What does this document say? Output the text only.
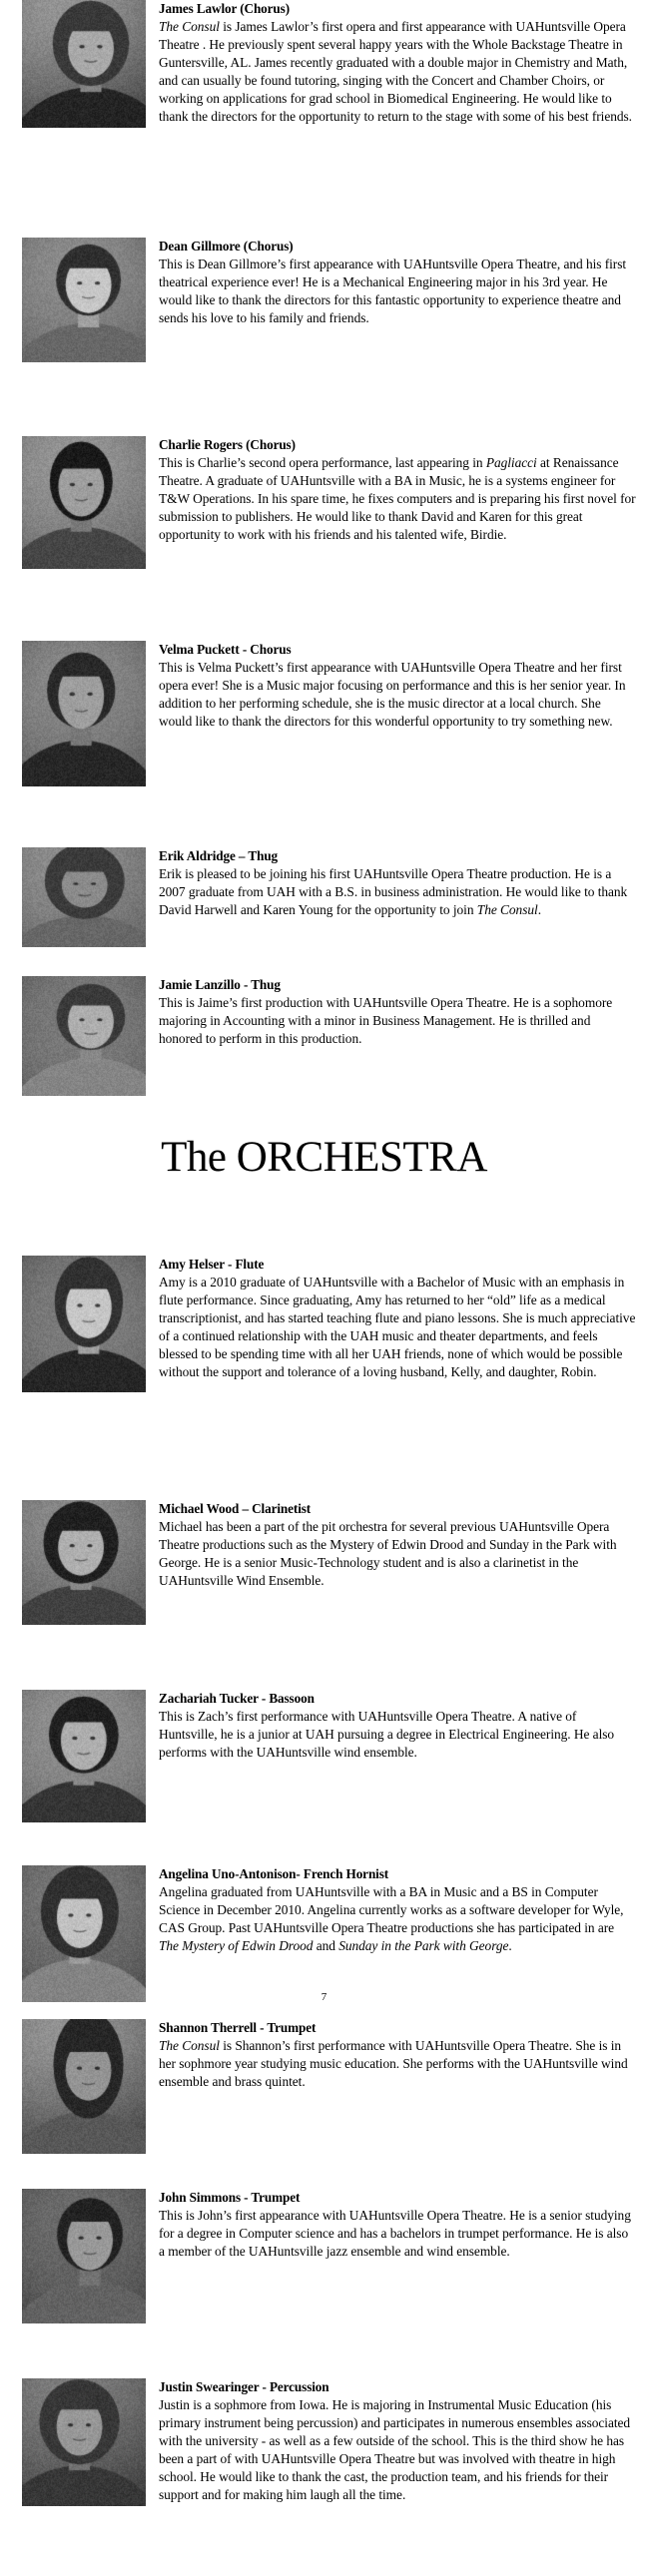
James Lawlor (Chorus)

The Consul is James Lawlor’s first opera and first appearance with UAHuntsville Opera Theatre . He previously spent several happy years with the Whole Backstage Theatre in Guntersville, AL. James recently graduated with a double major in Chemistry and Math, and can usually be found tutoring, singing with the Concert and Chamber Choirs, or working on applications for grad school in Biomedical Engineering. He would like to thank the directors for the opportunity to return to the stage with some of his best friends.

Dean Gillmore (Chorus)

This is Dean Gillmore’s first appearance with UAHuntsville Opera Theatre, and his first theatrical experience ever! He is a Mechanical Engineering major in his 3rd year. He would like to thank the directors for this fantastic opportunity to experience theatre and sends his love to his family and friends.

Charlie Rogers (Chorus)

This is Charlie’s second opera performance, last appearing in Pagliacci at Renaissance Theatre. A graduate of UAHuntsville with a BA in Music, he is a systems engineer for T&W Operations. In his spare time, he fixes computers and is preparing his first novel for submission to publishers. He would like to thank David and Karen for this great opportunity to work with his friends and his talented wife, Birdie.

Velma Puckett - Chorus

This is Velma Puckett’s first appearance with UAHuntsville Opera Theatre and her first opera ever! She is a Music major focusing on performance and this is her senior year. In addition to her performing schedule, she is the music director at a local church. She would like to thank the directors for this wonderful opportunity to try something new.

Erik Aldridge – Thug

Erik is pleased to be joining his first UAHuntsville Opera Theatre production. He is a 2007 graduate from UAH with a B.S. in business administration. He would like to thank David Harwell and Karen Young for the opportunity to join The Consul.

Jamie Lanzillo - Thug

This is Jaime’s first production with UAHuntsville Opera Theatre. He is a sophomore majoring in Accounting with a minor in Business Management. He is thrilled and honored to perform in this production.

The ORCHESTRA
Amy Helser - Flute

Amy is a 2010 graduate of UAHuntsville with a Bachelor of Music with an emphasis in flute performance. Since graduating, Amy has returned to her “old” life as a medical transcriptionist, and has started teaching flute and piano lessons. She is much appreciative of a continued relationship with the UAH music and theater departments, and feels blessed to be spending time with all her UAH friends, none of which would be possible without the support and tolerance of a loving husband, Kelly, and daughter, Robin.

Michael Wood – Clarinetist

Michael has been a part of the pit orchestra for several previous UAHuntsville Opera Theatre productions such as the Mystery of Edwin Drood and Sunday in the Park with George. He is a senior Music-Technology student and is also a clarinetist in the UAHuntsville Wind Ensemble.

Zachariah Tucker - Bassoon

This is Zach’s first performance with UAHuntsville Opera Theatre. A native of Huntsville, he is a junior at UAH pursuing a degree in Electrical Engineering. He also performs with the UAHuntsville wind ensemble.

Angelina Uno-Antonison- French Hornist

Angelina graduated from UAHuntsville with a BA in Music and a BS in Computer Science in December 2010. Angelina currently works as a software developer for Wyle, CAS Group. Past UAHuntsville Opera Theatre productions she has participated in are The Mystery of Edwin Drood and Sunday in the Park with George.

Shannon Therrell - Trumpet

The Consul is Shannon’s first performance with UAHuntsville Opera Theatre. She is in her sophmore year studying music education. She performs with the UAHuntsville wind ensemble and brass quintet.

John Simmons - Trumpet

This is John’s first appearance with UAHuntsville Opera Theatre. He is a senior studying for a degree in Computer science and has a bachelors in trumpet performance. He is also a member of the UAHuntsville jazz ensemble and wind ensemble.

Justin Swearinger - Percussion

Justin is a sophmore from Iowa. He is majoring in Instrumental Music Education (his primary instrument being percussion) and participates in numerous ensembles associated with the university - as well as a few outside of the school. This is the third show he has been a part of with UAHuntsville Opera Theatre but was involved with theatre in high school. He would like to thank the cast, the production team, and his friends for their support and for making him laugh all the time.

7
